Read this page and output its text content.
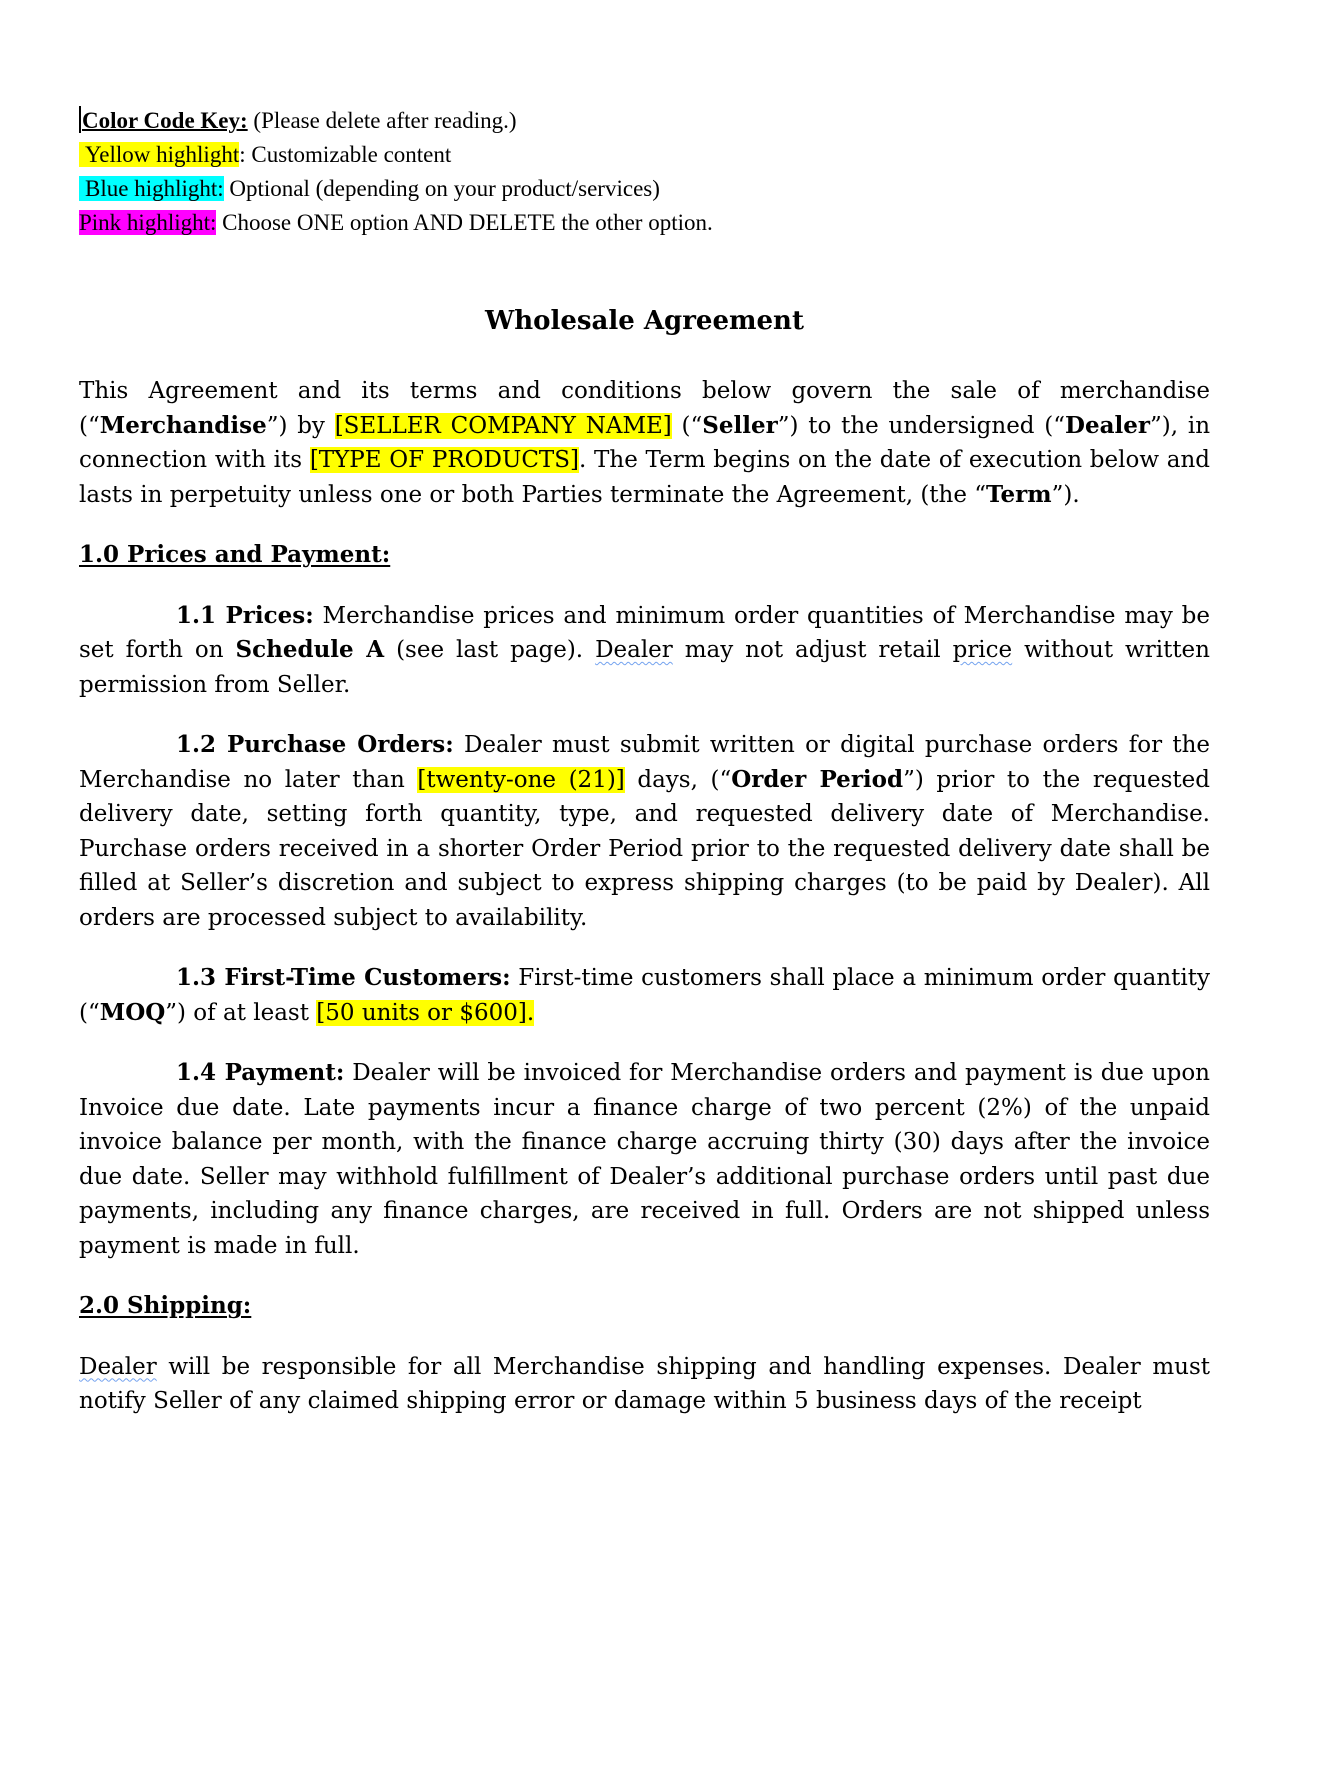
Color Code Key: (Please delete after reading.)
Yellow highlight: Customizable content
Blue highlight: Optional (depending on your product/services)
Pink highlight: Choose ONE option AND DELETE the other option.
Wholesale Agreement

This Agreement and its terms and conditions below govern the sale of merchandise (“Merchandise”) by [SELLER COMPANY NAME] (“Seller”) to the undersigned (“Dealer”), in connection with its [TYPE OF PRODUCTS]. The Term begins on the date of execution below and lasts in perpetuity unless one or both Parties terminate the Agreement, (the “Term”).

1.0 Prices and Payment:

1.1 Prices: Merchandise prices and minimum order quantities of Merchandise may be set forth on Schedule A (see last page). Dealer may not adjust retail price without written permission from Seller.

1.2 Purchase Orders: Dealer must submit written or digital purchase orders for the Merchandise no later than [twenty-one (21)] days, (“Order Period”) prior to the requested delivery date, setting forth quantity, type, and requested delivery date of Merchandise. Purchase orders received in a shorter Order Period prior to the requested delivery date shall be filled at Seller’s discretion and subject to express shipping charges (to be paid by Dealer). All orders are processed subject to availability.

1.3 First-Time Customers: First-time customers shall place a minimum order quantity (“MOQ”) of at least [50 units or $600].

1.4 Payment: Dealer will be invoiced for Merchandise orders and payment is due upon Invoice due date. Late payments incur a finance charge of two percent (2%) of the unpaid invoice balance per month, with the finance charge accruing thirty (30) days after the invoice due date. Seller may withhold fulfillment of Dealer’s additional purchase orders until past due payments, including any finance charges, are received in full. Orders are not shipped unless payment is made in full.

2.0 Shipping:

Dealer will be responsible for all Merchandise shipping and handling expenses. Dealer must notify Seller of any claimed shipping error or damage within 5 business days of the receipt
